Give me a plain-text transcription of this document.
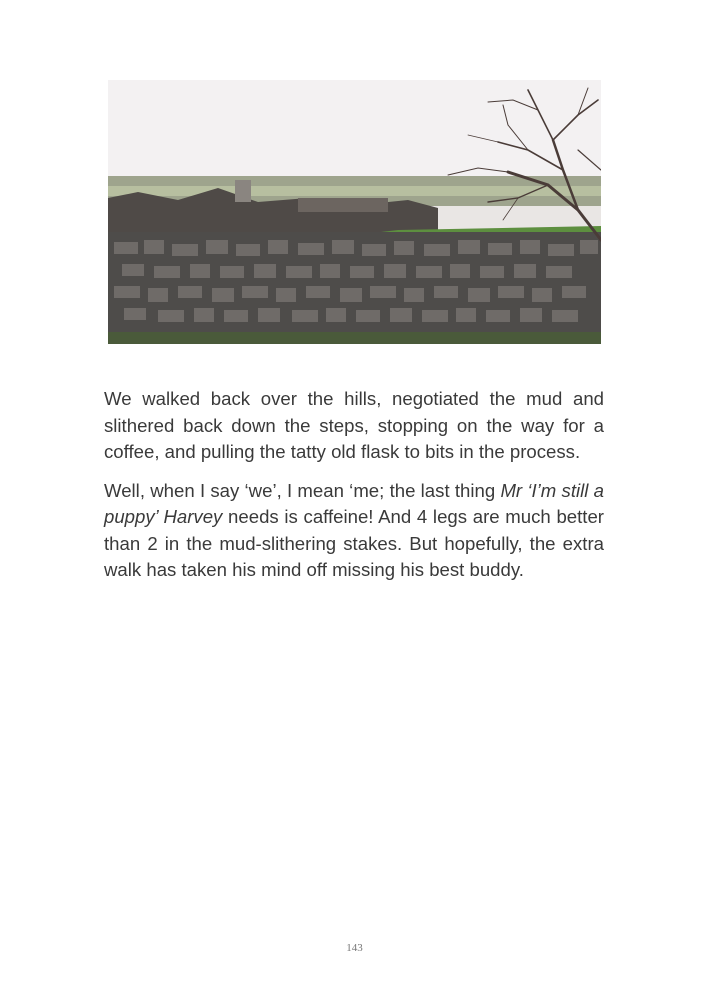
We walked back over the hills, negotiated the mud and slithered back down the steps, stopping on the way for a coffee, and pulling the tatty old flask to bits in the process.

Well, when I say ‘we’, I mean ‘me; the last thing Mr ‘I’m still a puppy’ Harvey needs is caffeine! And 4 legs are much better than 2 in the mud-slithering stakes. But hopefully, the extra walk has taken his mind off missing his best buddy.

143
